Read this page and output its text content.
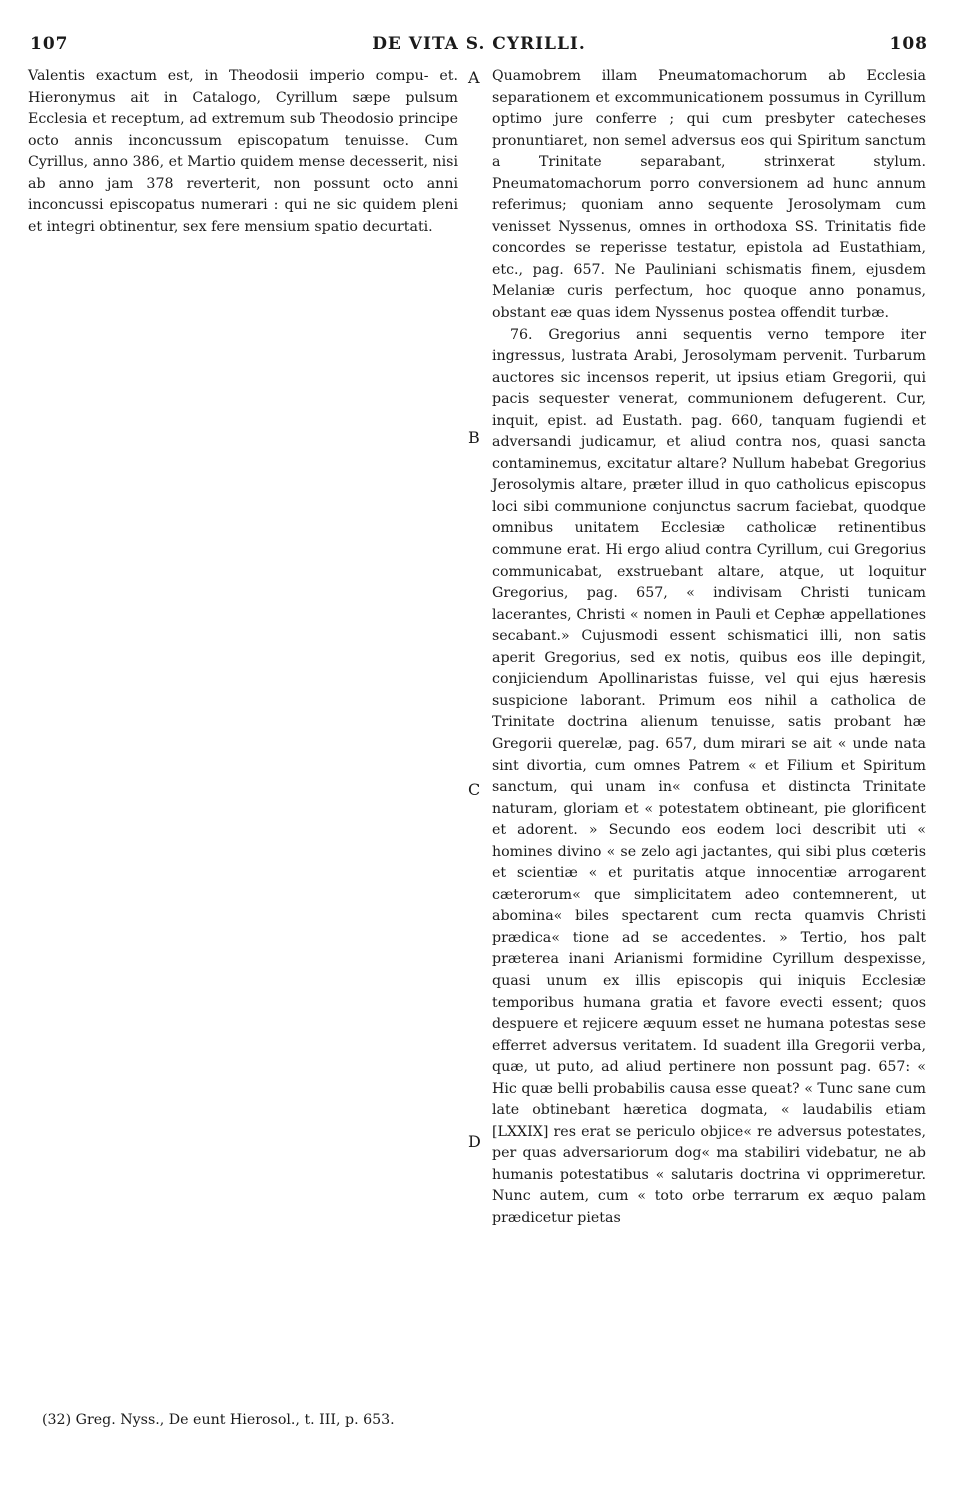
107	DE VITA S. CYRILLI.	108

Valentis exactum est, in Theodosii imperio compu- et. Hieronymus ait in Catalogo, Cyrillum sæpe pulsum Ecclesia et receptum, ad extremum sub Theodosio principe octo annis inconcussum episcopatum tenuisse. Cum Cyrillus, anno 386, et Martio quidem mense decesserit, nisi ab anno jam 378 reverterit, non possunt octo anni inconcussi episcopatus numerari : qui ne sic quidem pleni et integri obtinentur, sex fere mensium spatio decurtati.

Quamobrem illam Pneumatomachorum ab Ecclesia separationem et excommunicationem possumus in Cyrillum optimo jure conferre ; qui cum presbyter catecheses pronuntiaret, non semel adversus eos qui Spiritum sanctum a Trinitate separabant, strinxerat stylum. Pneumatomachorum porro conversionem ad hunc annum referimus; quoniam anno sequente Jerosolymam cum venisset Nyssenus, omnes in orthodoxa SS. Trinitatis fide concordes se reperisse testatur, epistola ad Eustathiam, etc., pag. 657. Ne Pauliniani schismatis finem, ejusdem Melaniæ curis perfectum, hoc quoque anno ponamus, obstant eæ quas idem Nyssenus postea offendit turbæ.

76. Gregorius anni sequentis verno tempore iter ingressus, lustrata Arabi, Jerosolymam pervenit. Turbarum auctores sic incensos reperit, ut ipsius etiam Gregorii, qui pacis sequester venerat, communionem defugerent. Cur, inquit, epist. ad Eustath. pag. 660, tanquam fugiendi et adversandi judicamur, et aliud contra nos, quasi sancta contaminemus, excitatur altare? Nullum habebat Gregorius Jerosolymis altare, præter illud in quo catholicus episcopus loci sibi communione conjunctus sacrum faciebat, quodque omnibus unitatem Ecclesiæ catholicæ retinentibus commune erat. Hi ergo aliud contra Cyrillum, cui Gregorius communicabat, exstruebant altare, atque, ut loquitur Gregorius, pag. 657, « indivisam Christi tunicam lacerantes, Christi « nomen in Pauli et Cephæ appellationes secabant.» Cujusmodi essent schismatici illi, non satis aperit Gregorius, sed ex notis, quibus eos ille depingit, conjiciendum Apollinaristas fuisse, vel qui ejus hæresis suspicione laborant. Primum eos nihil a catholica de Trinitate doctrina alienum tenuisse, satis probant hæ Gregorii querelæ, pag. 657, dum mirari se ait « unde nata sint divortia, cum omnes Patrem « et Filium et Spiritum sanctum, qui unam in« confusa et distincta Trinitate naturam, gloriam et « potestatem obtineant, pie glorificent et adorent. » Secundo eos eodem loci describit uti « homines divino « se zelo agi jactantes, qui sibi plus cœteris et scientiæ « et puritatis atque innocentiæ arrogarent cæterorum« que simplicitatem adeo contemnerent, ut abomina« biles spectarent cum recta quamvis Christi prædica« tione ad se accedentes. » Tertio, hos palt præterea inani Arianismi formidine Cyrillum despexisse, quasi unum ex illis episcopis qui iniquis Ecclesiæ temporibus humana gratia et favore evecti essent; quos despuere et rejicere æquum esset ne humana potestas sese efferret adversus veritatem. Id suadent illa Gregorii verba, quæ, ut puto, ad aliud pertinere non possunt pag. 657: « Hic quæ belli probabilis causa esse queat? « Tunc sane cum late obtinebant hæretica dogmata, « laudabilis etiam [LXXIX] res erat se periculo objice« re adversus potestates, per quas adversariorum dog« ma stabiliri videbatur, ne ab humanis potestatibus « salutaris doctrina vi opprimeretur. Nunc autem, cum « toto orbe terrarum ex æquo palam prædicetur pietas

A
B
C
D
(32) Greg. Nyss., De eunt Hierosol., t. III, p. 653.
